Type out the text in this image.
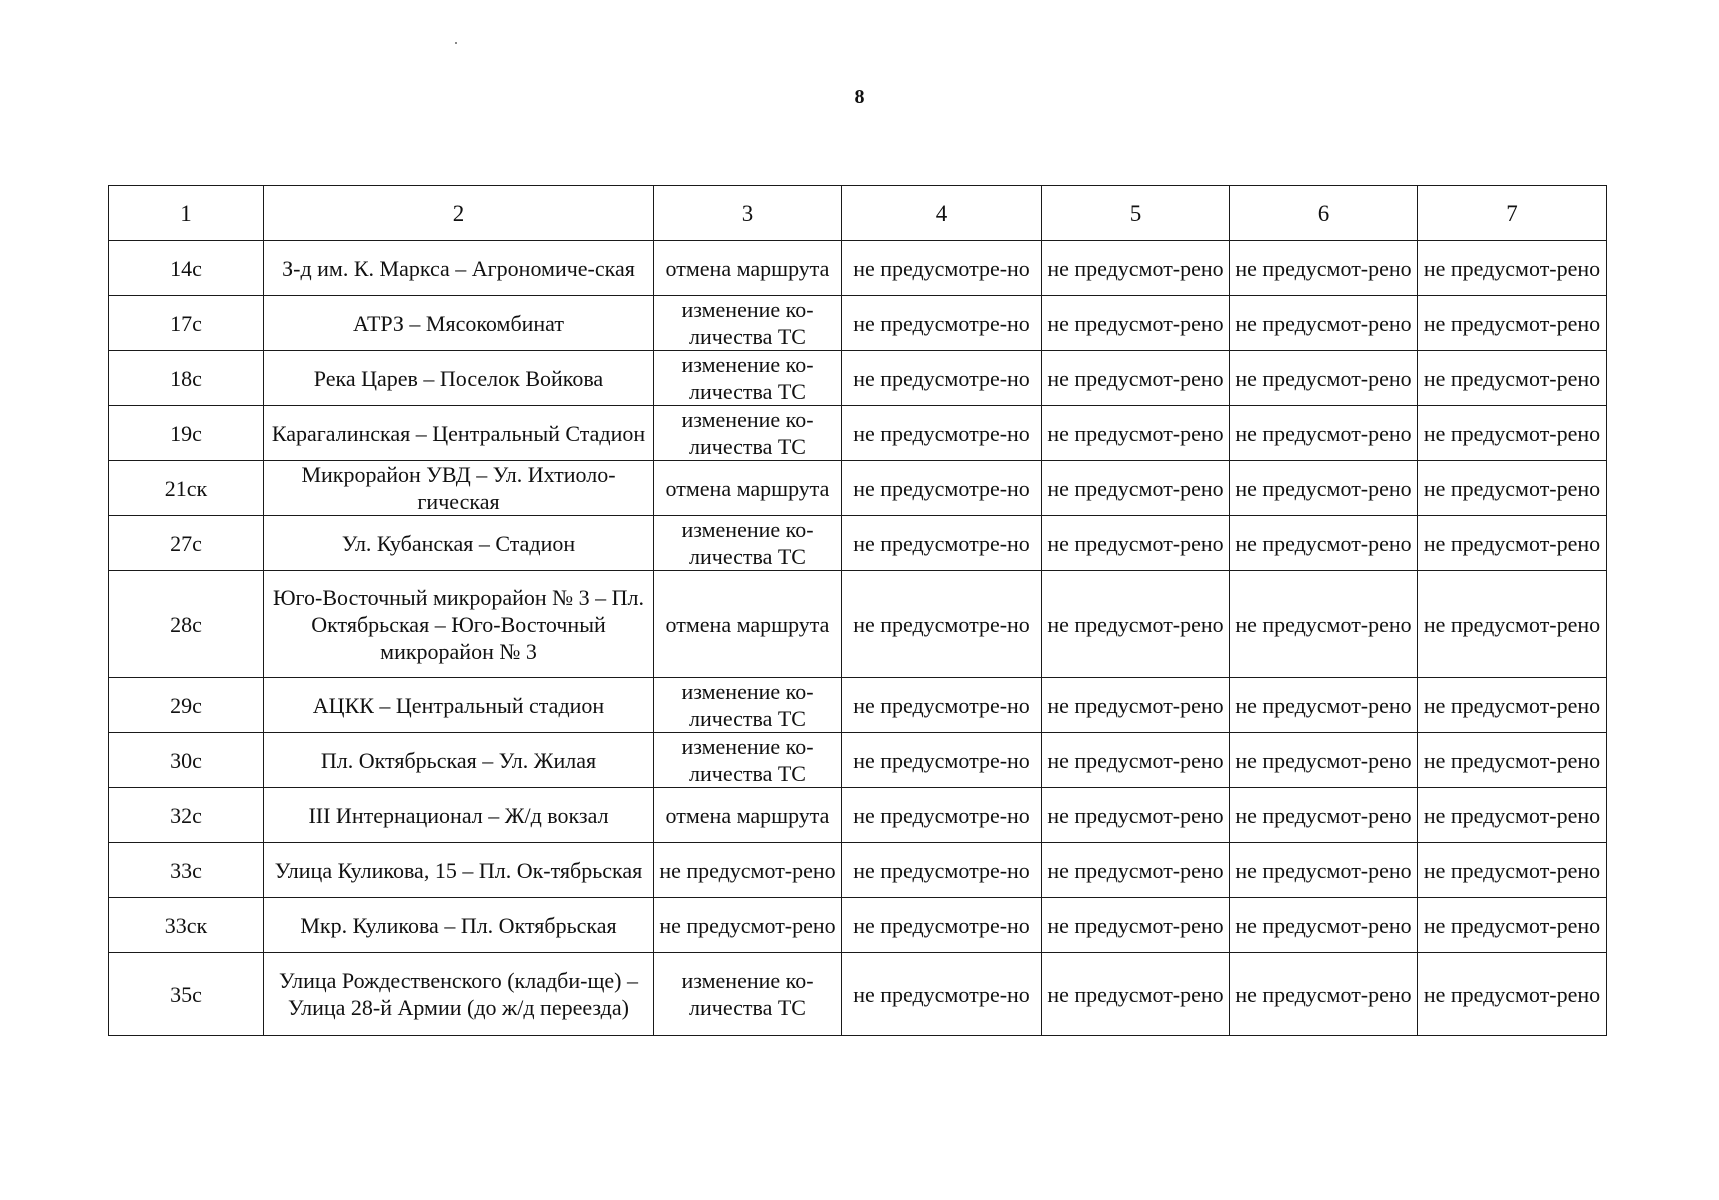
8
1	2	3	4	5	6	7
14с	З-д им. К. Маркса – Агрономиче-ская	отмена маршрута	не предусмотре-но	не предусмот-рено	не предусмот-рено	не предусмот-рено
17с	АТРЗ – Мясокомбинат	изменение ко-личества ТС	не предусмотре-но	не предусмот-рено	не предусмот-рено	не предусмот-рено
18с	Река Царев – Поселок Войкова	изменение ко-личества ТС	не предусмотре-но	не предусмот-рено	не предусмот-рено	не предусмот-рено
19с	Карагалинская – Центральный Стадион	изменение ко-личества ТС	не предусмотре-но	не предусмот-рено	не предусмот-рено	не предусмот-рено
21ск	Микрорайон УВД – Ул. Ихтиоло-гическая	отмена маршрута	не предусмотре-но	не предусмот-рено	не предусмот-рено	не предусмот-рено
27с	Ул. Кубанская – Стадион	изменение ко-личества ТС	не предусмотре-но	не предусмот-рено	не предусмот-рено	не предусмот-рено
28с	Юго-Восточный микрорайон № 3 – Пл. Октябрьская – Юго-Восточный микрорайон № 3	отмена маршрута	не предусмотре-но	не предусмот-рено	не предусмот-рено	не предусмот-рено
29с	АЦКК – Центральный стадион	изменение ко-личества ТС	не предусмотре-но	не предусмот-рено	не предусмот-рено	не предусмот-рено
30с	Пл. Октябрьская – Ул. Жилая	изменение ко-личества ТС	не предусмотре-но	не предусмот-рено	не предусмот-рено	не предусмот-рено
32с	III Интернационал – Ж/д вокзал	отмена маршрута	не предусмотре-но	не предусмот-рено	не предусмот-рено	не предусмот-рено
33с	Улица Куликова, 15 – Пл. Ок-тябрьская	не предусмот-рено	не предусмотре-но	не предусмот-рено	не предусмот-рено	не предусмот-рено
33ск	Мкр. Куликова – Пл. Октябрьская	не предусмот-рено	не предусмотре-но	не предусмот-рено	не предусмот-рено	не предусмот-рено
35с	Улица Рождественского (кладби-ще) – Улица 28-й Армии (до ж/д переезда)	изменение ко-личества ТС	не предусмотре-но	не предусмот-рено	не предусмот-рено	не предусмот-рено
